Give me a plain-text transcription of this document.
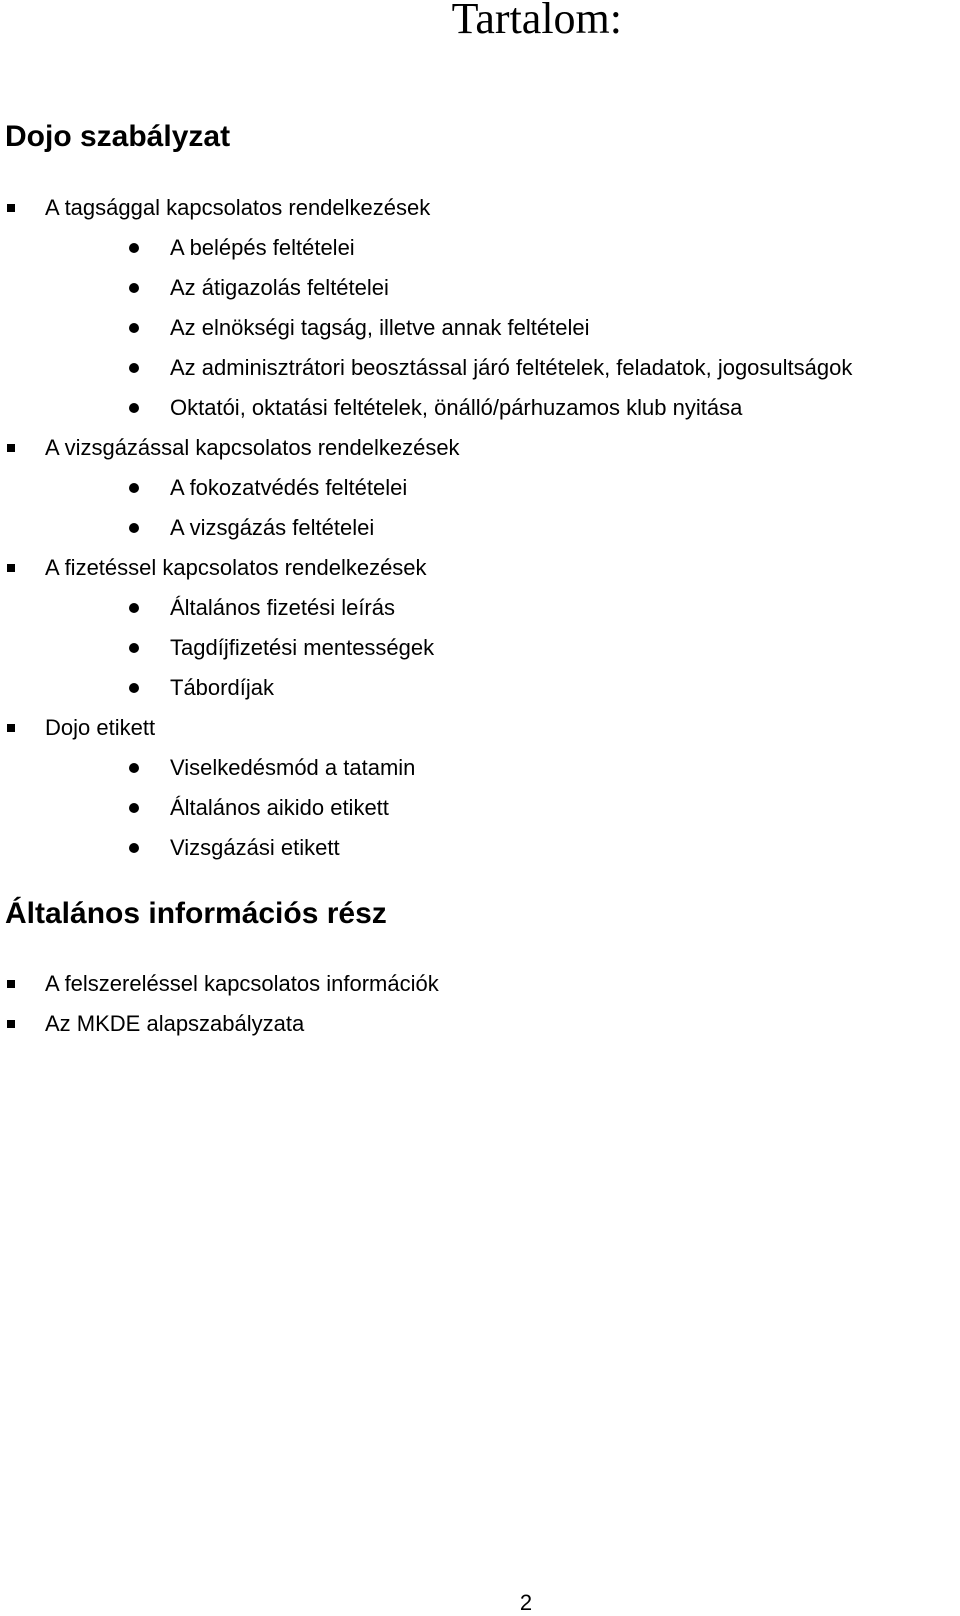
Tartalom:
Dojo szabályzat
A tagsággal kapcsolatos rendelkezések
A belépés feltételei
Az átigazolás feltételei
Az elnökségi tagság, illetve annak feltételei
Az adminisztrátori beosztással járó feltételek, feladatok, jogosultságok
Oktatói, oktatási feltételek, önálló/párhuzamos klub nyitása
A vizsgázással kapcsolatos rendelkezések
A fokozatvédés feltételei
A vizsgázás feltételei
A fizetéssel kapcsolatos rendelkezések
Általános fizetési leírás
Tagdíjfizetési mentességek
Tábordíjak
Dojo etikett
Viselkedésmód a tatamin
Általános aikido etikett
Vizsgázási etikett
Általános információs rész
A felszereléssel kapcsolatos információk
Az MKDE alapszabályzata
2
